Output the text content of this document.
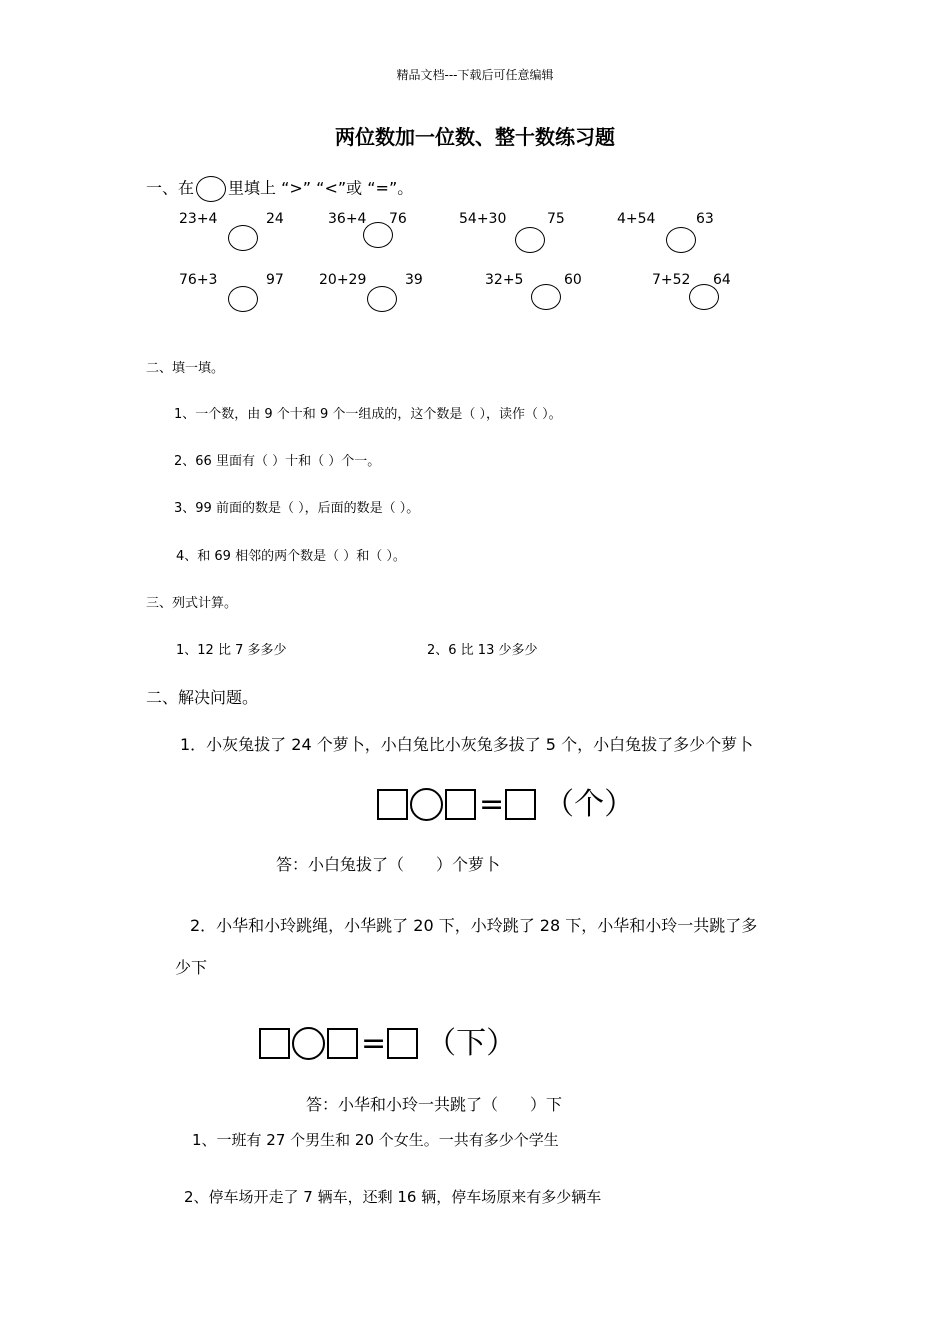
精品文档---下载后可任意编辑
两位数加一位数、整十数练习题
一、在 里填上 “>” “<”或 “=”。
23+4	24	36+4 76	54+30	75	4+54	63
76+3	97	20+29	39	32+5	60	7+52 64
二、填一填。
1、一个数，由 9 个十和 9 个一组成的，这个数是（ ），读作（ ）。
2、66 里面有（ ）十和（ ）个一。
3、99 前面的数是（ ），后面的数是（ ）。
4、和 69 相邻的两个数是（ ）和（ ）。
三、列式计算。
1、12 比 7 多多少	2、6 比 13 少多少
二、解决问题。
1．小灰兔拔了 24 个萝卜，小白兔比小灰兔多拔了 5 个，小白兔拔了多少个萝卜
= （个）
答：小白兔拔了（　　）个萝卜
2．小华和小玲跳绳，小华跳了 20 下，小玲跳了 28 下，小华和小玲一共跳了多
少下
= （下）
答：小华和小玲一共跳了（　　）下
1、一班有 27 个男生和 20 个女生。一共有多少个学生
2、停车场开走了 7 辆车，还剩 16 辆，停车场原来有多少辆车
